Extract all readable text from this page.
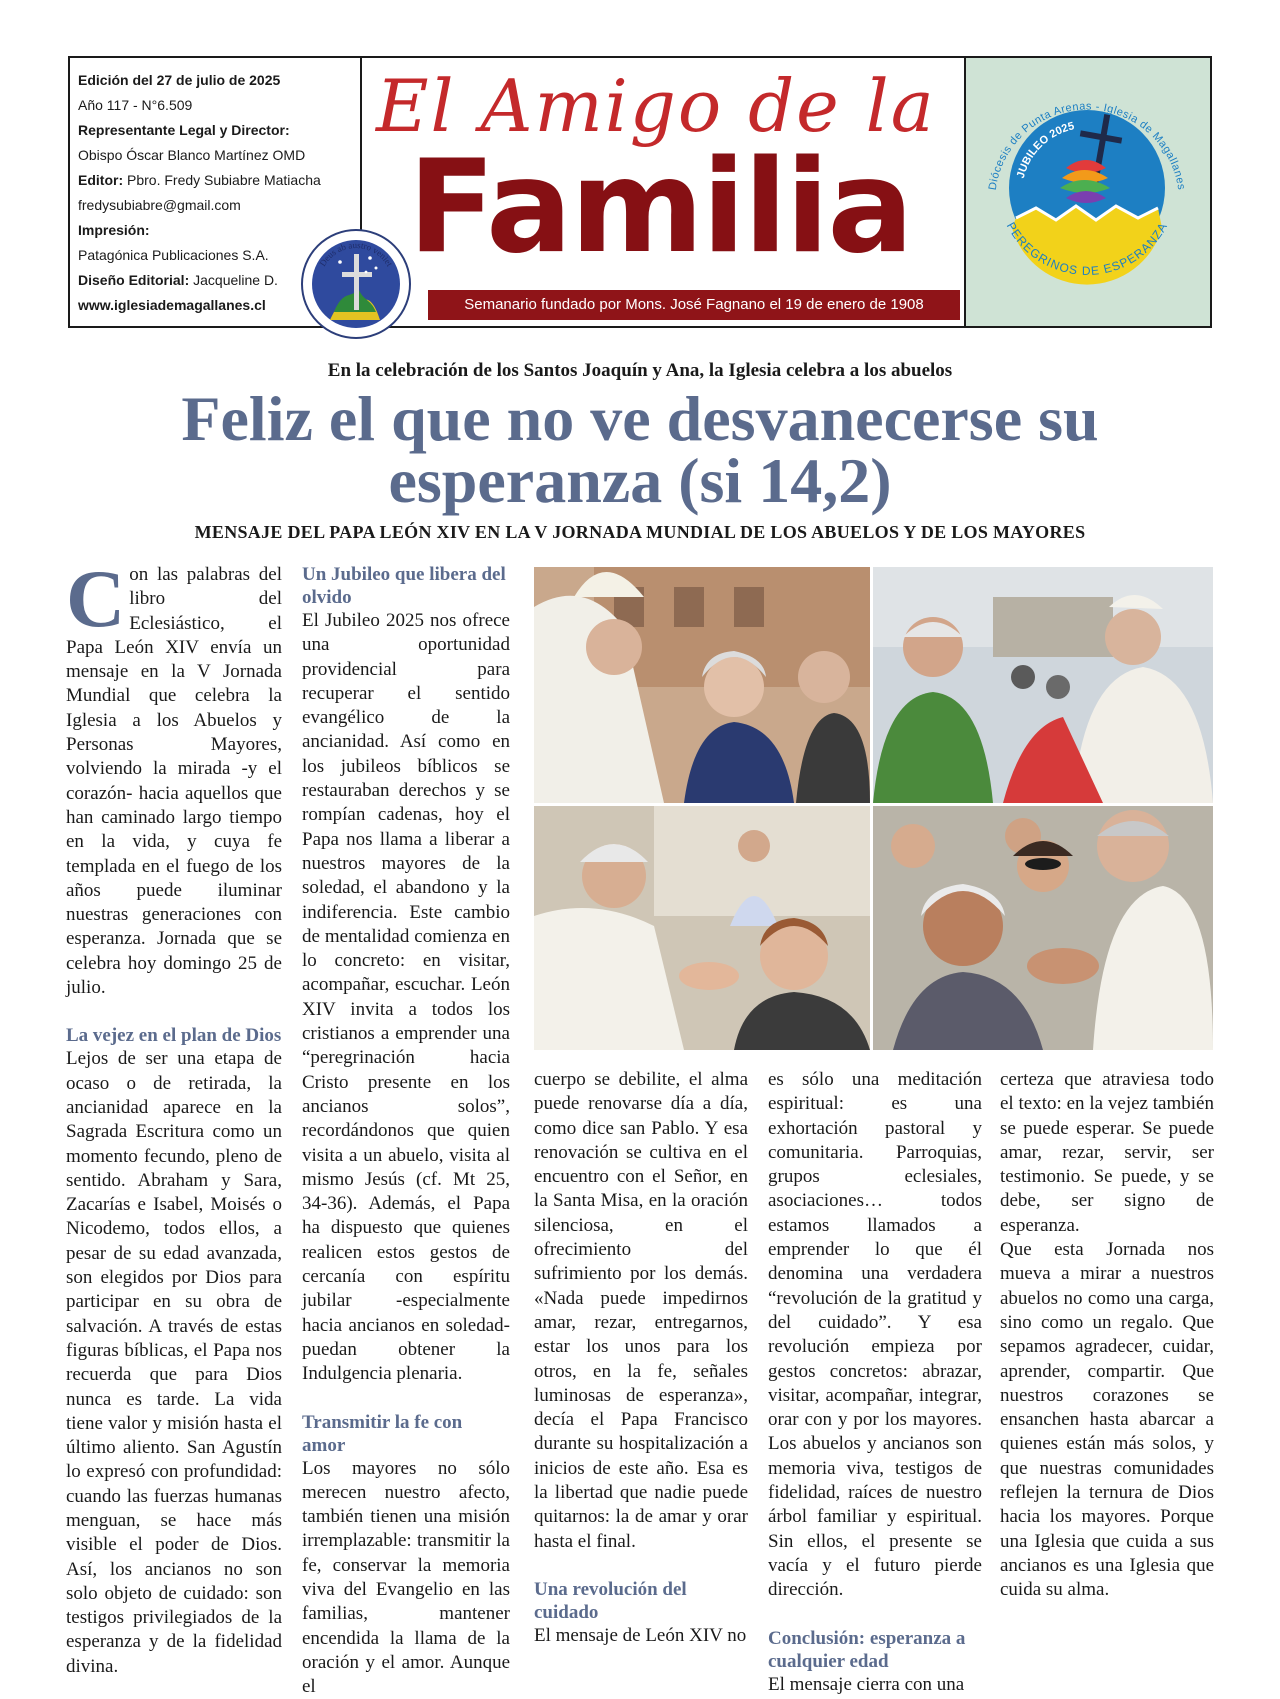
Edición del 27 de julio de 2025
Año 117 - N°6.509
Representante Legal y Director:
Obispo Óscar Blanco Martínez OMD
Editor: Pbro. Fredy Subiabre Matiacha
fredysubiabre@gmail.com
Impresión:
Patagónica Publicaciones S.A.
Diseño Editorial: Jacqueline D.
www.iglesiademagallanes.cl
El Amigo de la
Familia
Semanario fundado por Mons. José Fagnano el 19 de enero de 1908
Deus ab austro veniet
Diócesis de Punta Arenas - Iglesia de Magallanes
JUBILEO 2025
PEREGRINOS DE ESPERANZA
En la celebración de los Santos Joaquín y Ana, la Iglesia celebra a los abuelos
Feliz el que no ve desvanecerse su
esperanza (si 14,2)
MENSAJE DEL PAPA LEÓN XIV EN LA V JORNADA MUNDIAL DE LOS ABUELOS Y DE LOS MAYORES

Con las palabras del libro del Eclesiástico, el Papa León XIV envía un mensaje en la V Jornada Mundial que celebra la Iglesia a los Abuelos y Personas Mayores, volviendo la mirada -y el corazón- hacia aquellos que han caminado largo tiempo en la vida, y cuya fe templada en el fuego de los años puede iluminar nuestras generaciones con esperanza. Jornada que se celebra hoy domingo 25 de julio.

La vejez en el plan de Dios

Lejos de ser una etapa de ocaso o de retirada, la ancianidad aparece en la Sagrada Escritura como un momento fecundo, pleno de sentido. Abraham y Sara, Zacarías e Isabel, Moisés o Nicodemo, todos ellos, a pesar de su edad avanzada, son elegidos por Dios para participar en su obra de salvación. A través de estas figuras bíblicas, el Papa nos recuerda que para Dios nunca es tarde. La vida tiene valor y misión hasta el último aliento. San Agustín lo expresó con profundidad: cuando las fuerzas humanas menguan, se hace más visible el poder de Dios. Así, los ancianos no son solo objeto de cuidado: son testigos privilegiados de la esperanza y de la fidelidad divina.

Un Jubileo que libera del olvido

El Jubileo 2025 nos ofrece una oportunidad providencial para recuperar el sentido evangélico de la ancianidad. Así como en los jubileos bíblicos se restauraban derechos y se rompían cadenas, hoy el Papa nos llama a liberar a nuestros mayores de la soledad, el abandono y la indiferencia. Este cambio de mentalidad comienza en lo concreto: en visitar, acompañar, escuchar. León XIV invita a todos los cristianos a emprender una “peregrinación hacia Cristo presente en los ancianos solos”, recordándonos que quien visita a un abuelo, visita al mismo Jesús (cf. Mt 25, 34-36). Además, el Papa ha dispuesto que quienes realicen estos gestos de cercanía con espíritu jubilar -especialmente hacia ancianos en soledad- puedan obtener la Indulgencia plenaria.

Transmitir la fe con amor

Los mayores no sólo merecen nuestro afecto, también tienen una misión irremplazable: transmitir la fe, conservar la memoria viva del Evangelio en las familias, mantener encendida la llama de la oración y el amor. Aunque el

cuerpo se debilite, el alma puede renovarse día a día, como dice san Pablo. Y esa renovación se cultiva en el encuentro con el Señor, en la Santa Misa, en la oración silenciosa, en el ofrecimiento del sufrimiento por los demás. «Nada puede impedirnos amar, rezar, entregarnos, estar los unos para los otros, en la fe, señales luminosas de esperanza», decía el Papa Francisco durante su hospitalización a inicios de este año. Esa es la libertad que nadie puede quitarnos: la de amar y orar hasta el final.

Una revolución del cuidado

El mensaje de León XIV no

es sólo una meditación espiritual: es una exhortación pastoral y comunitaria. Parroquias, grupos eclesiales, asociaciones… todos estamos llamados a emprender lo que él denomina una verdadera “revolución de la gratitud y del cuidado”. Y esa revolución empieza por gestos concretos: abrazar, visitar, acompañar, integrar, orar con y por los mayores. Los abuelos y ancianos son memoria viva, testigos de fidelidad, raíces de nuestro árbol familiar y espiritual. Sin ellos, el presente se vacía y el futuro pierde dirección.

Conclusión: esperanza a cualquier edad

El mensaje cierra con una

certeza que atraviesa todo el texto: en la vejez también se puede esperar. Se puede amar, rezar, servir, ser testimonio. Se puede, y se debe, ser signo de esperanza.

Que esta Jornada nos mueva a mirar a nuestros abuelos no como una carga, sino como un regalo. Que sepamos agradecer, cuidar, aprender, compartir. Que nuestros corazones se ensanchen hasta abarcar a quienes están más solos, y que nuestras comunidades reflejen la ternura de Dios hacia los mayores. Porque una Iglesia que cuida a sus ancianos es una Iglesia que cuida su alma.
